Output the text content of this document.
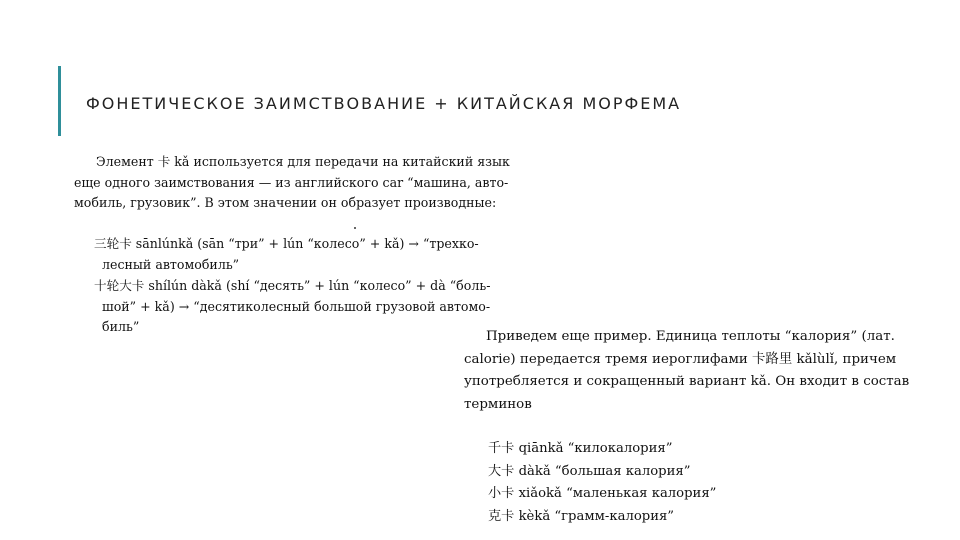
ФОНЕТИЧЕСКОЕ ЗАИМСТВОВАНИЕ + КИТАЙСКАЯ МОРФЕМА

Элемент 卡 kǎ используется для передачи на китайский язык

еще одного заимствования — из английского car “машина, авто-

мобиль, грузовик”. В этом значении он образует производные:

三轮卡 sānlúnkǎ (sān “три” + lún “колесо” + kǎ) → “трехко-

лесный автомобиль”

十轮大卡 shílún dàkǎ (shí “десять” + lún “колесо” + dà “боль-

шой” + kǎ) → “десятиколесный большой грузовой автомо-

биль”

Приведем еще пример. Единица теплоты “калория” (лат.

calorie) передается тремя иероглифами 卡路里 kǎlùlǐ, причем

употребляется и сокращенный вариант kǎ. Он входит в состав

терминов

千卡 qiānkǎ “килокалория”

大卡 dàkǎ “большая калория”

小卡 xiǎokǎ “маленькая калория”

克卡 kèkǎ “грамм-калория”
